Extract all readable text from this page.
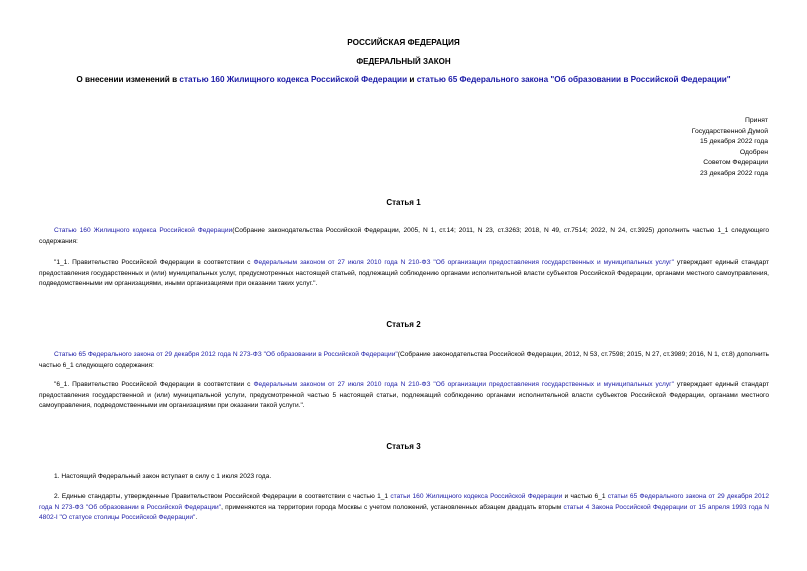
РОССИЙСКАЯ ФЕДЕРАЦИЯ
ФЕДЕРАЛЬНЫЙ ЗАКОН
О внесении изменений в статью 160 Жилищного кодекса Российской Федерации и статью 65 Федерального закона "Об образовании в Российской Федерации"
Принят
Государственной Думой
15 декабря 2022 года
Одобрен
Советом Федерации
23 декабря 2022 года
Статья 1
Статью 160 Жилищного кодекса Российской Федерации(Собрание законодательства Российской Федерации, 2005, N 1, ст.14; 2011, N 23, ст.3263; 2018, N 49, ст.7514; 2022, N 24, ст.3925) дополнить частью 1_1 следующего содержания:
"1_1. Правительство Российской Федерации в соответствии с Федеральным законом от 27 июля 2010 года N 210-ФЗ "Об организации предоставления государственных и муниципальных услуг" утверждает единый стандарт предоставления государственных и (или) муниципальных услуг, предусмотренных настоящей статьей, подлежащий соблюдению органами исполнительной власти субъектов Российской Федерации, органами местного самоуправления, подведомственными им организациями, иными организациями при оказании таких услуг.".
Статья 2
Статью 65 Федерального закона от 29 декабря 2012 года N 273-ФЗ "Об образовании в Российской Федерации"(Собрание законодательства Российской Федерации, 2012, N 53, ст.7598; 2015, N 27, ст.3989; 2016, N 1, ст.8) дополнить частью 6_1 следующего содержания:
"6_1. Правительство Российской Федерации в соответствии с Федеральным законом от 27 июля 2010 года N 210-ФЗ "Об организации предоставления государственных и муниципальных услуг" утверждает единый стандарт предоставления государственной и (или) муниципальной услуги, предусмотренной частью 5 настоящей статьи, подлежащий соблюдению органами исполнительной власти субъектов Российской Федерации, органами местного самоуправления, подведомственными им организациями при оказании такой услуги.".
Статья 3
1. Настоящий Федеральный закон вступает в силу с 1 июля 2023 года.
2. Единые стандарты, утвержденные Правительством Российской Федерации в соответствии с частью 1_1 статьи 160 Жилищного кодекса Российской Федерации и частью 6_1 статьи 65 Федерального закона от 29 декабря 2012 года N 273-ФЗ "Об образовании в Российской Федерации", применяются на территории города Москвы с учетом положений, установленных абзацем двадцать вторым статьи 4 Закона Российской Федерации от 15 апреля 1993 года N 4802-I "О статусе столицы Российской Федерации".
